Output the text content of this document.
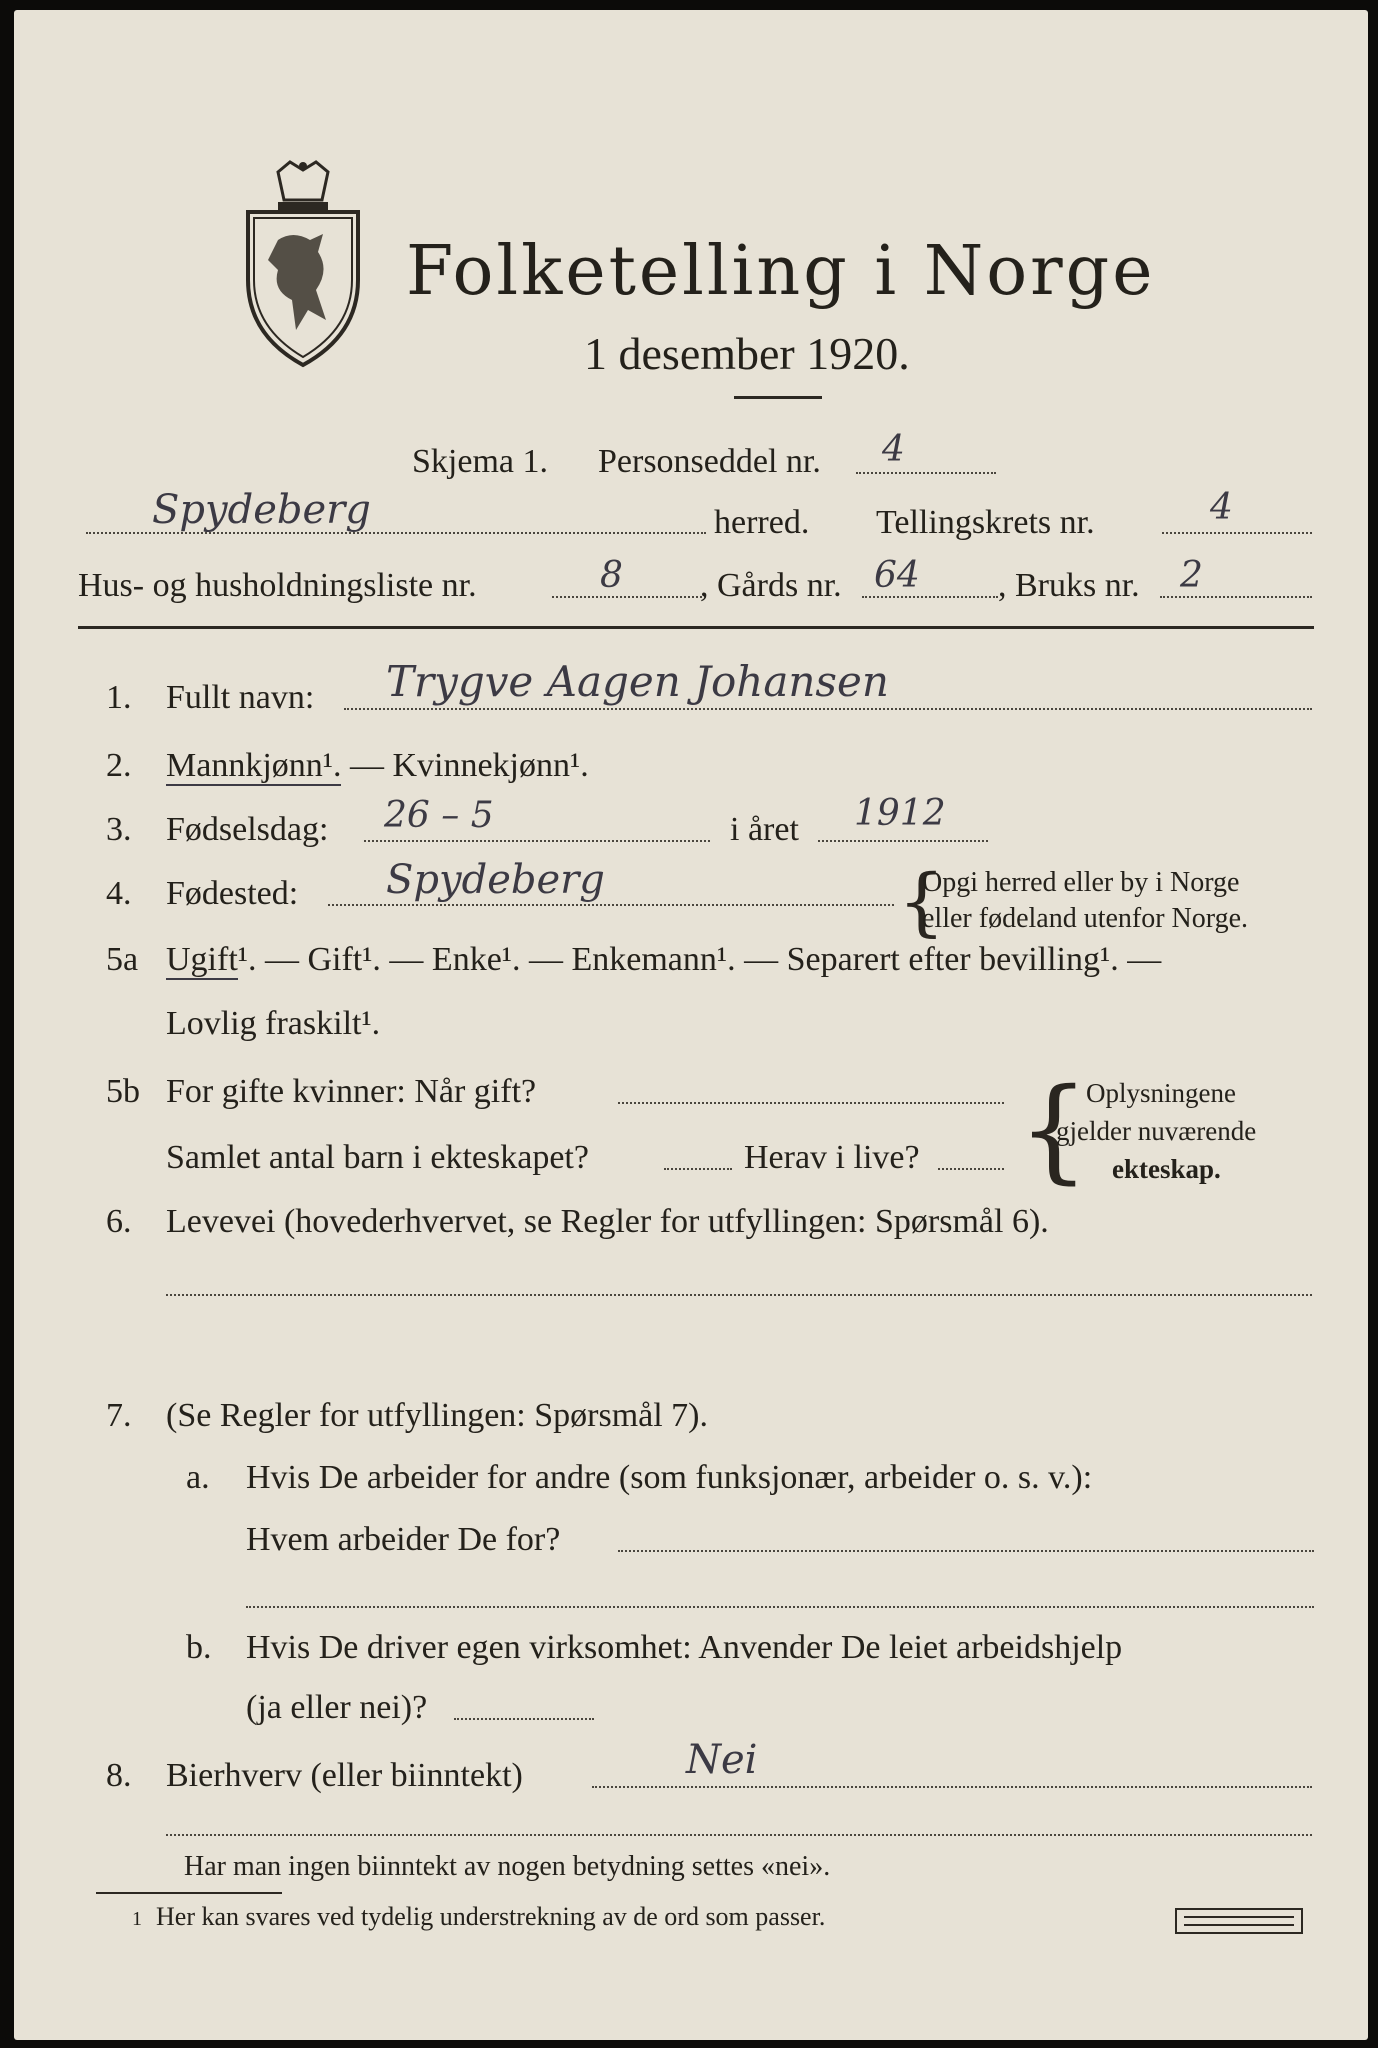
Folketelling i Norge
1 desember 1920.
Skjema 1. Personseddel nr. 4
Spydeberg	herred. Tellingskrets nr.	4
Hus- og husholdningsliste nr.	8 , Gårds nr. 64 , Bruks nr. 2
1. Fullt navn: Trygve Aagen Johansen
2. Mannkjønn¹. — Kvinnekjønn¹.
3. Fødselsdag: 26 – 5	i året 1912
4. Fødested: Spydeberg	{
Opgi herred eller by i Norge
eller fødeland utenfor Norge.
5a Ugift¹. — Gift¹. — Enke¹. — Enkemann¹. — Separert efter bevilling¹. —
Lovlig fraskilt¹.
5b For gifte kvinner: Når gift?
Samlet antal barn i ekteskapet?	Herav i live? {
Oplysningene
gjelder nuværende
ekteskap.
6. Levevei (hovederhvervet, se Regler for utfyllingen: Spørsmål 6).
7. (Se Regler for utfyllingen: Spørsmål 7).
a. Hvis De arbeider for andre (som funksjonær, arbeider o. s. v.):
Hvem arbeider De for?
b. Hvis De driver egen virksomhet: Anvender De leiet arbeidshjelp
(ja eller nei)?
8. Bierhverv (eller biinntekt)	Nei
Har man ingen biinntekt av nogen betydning settes «nei».
1 Her kan svares ved tydelig understrekning av de ord som passer.
